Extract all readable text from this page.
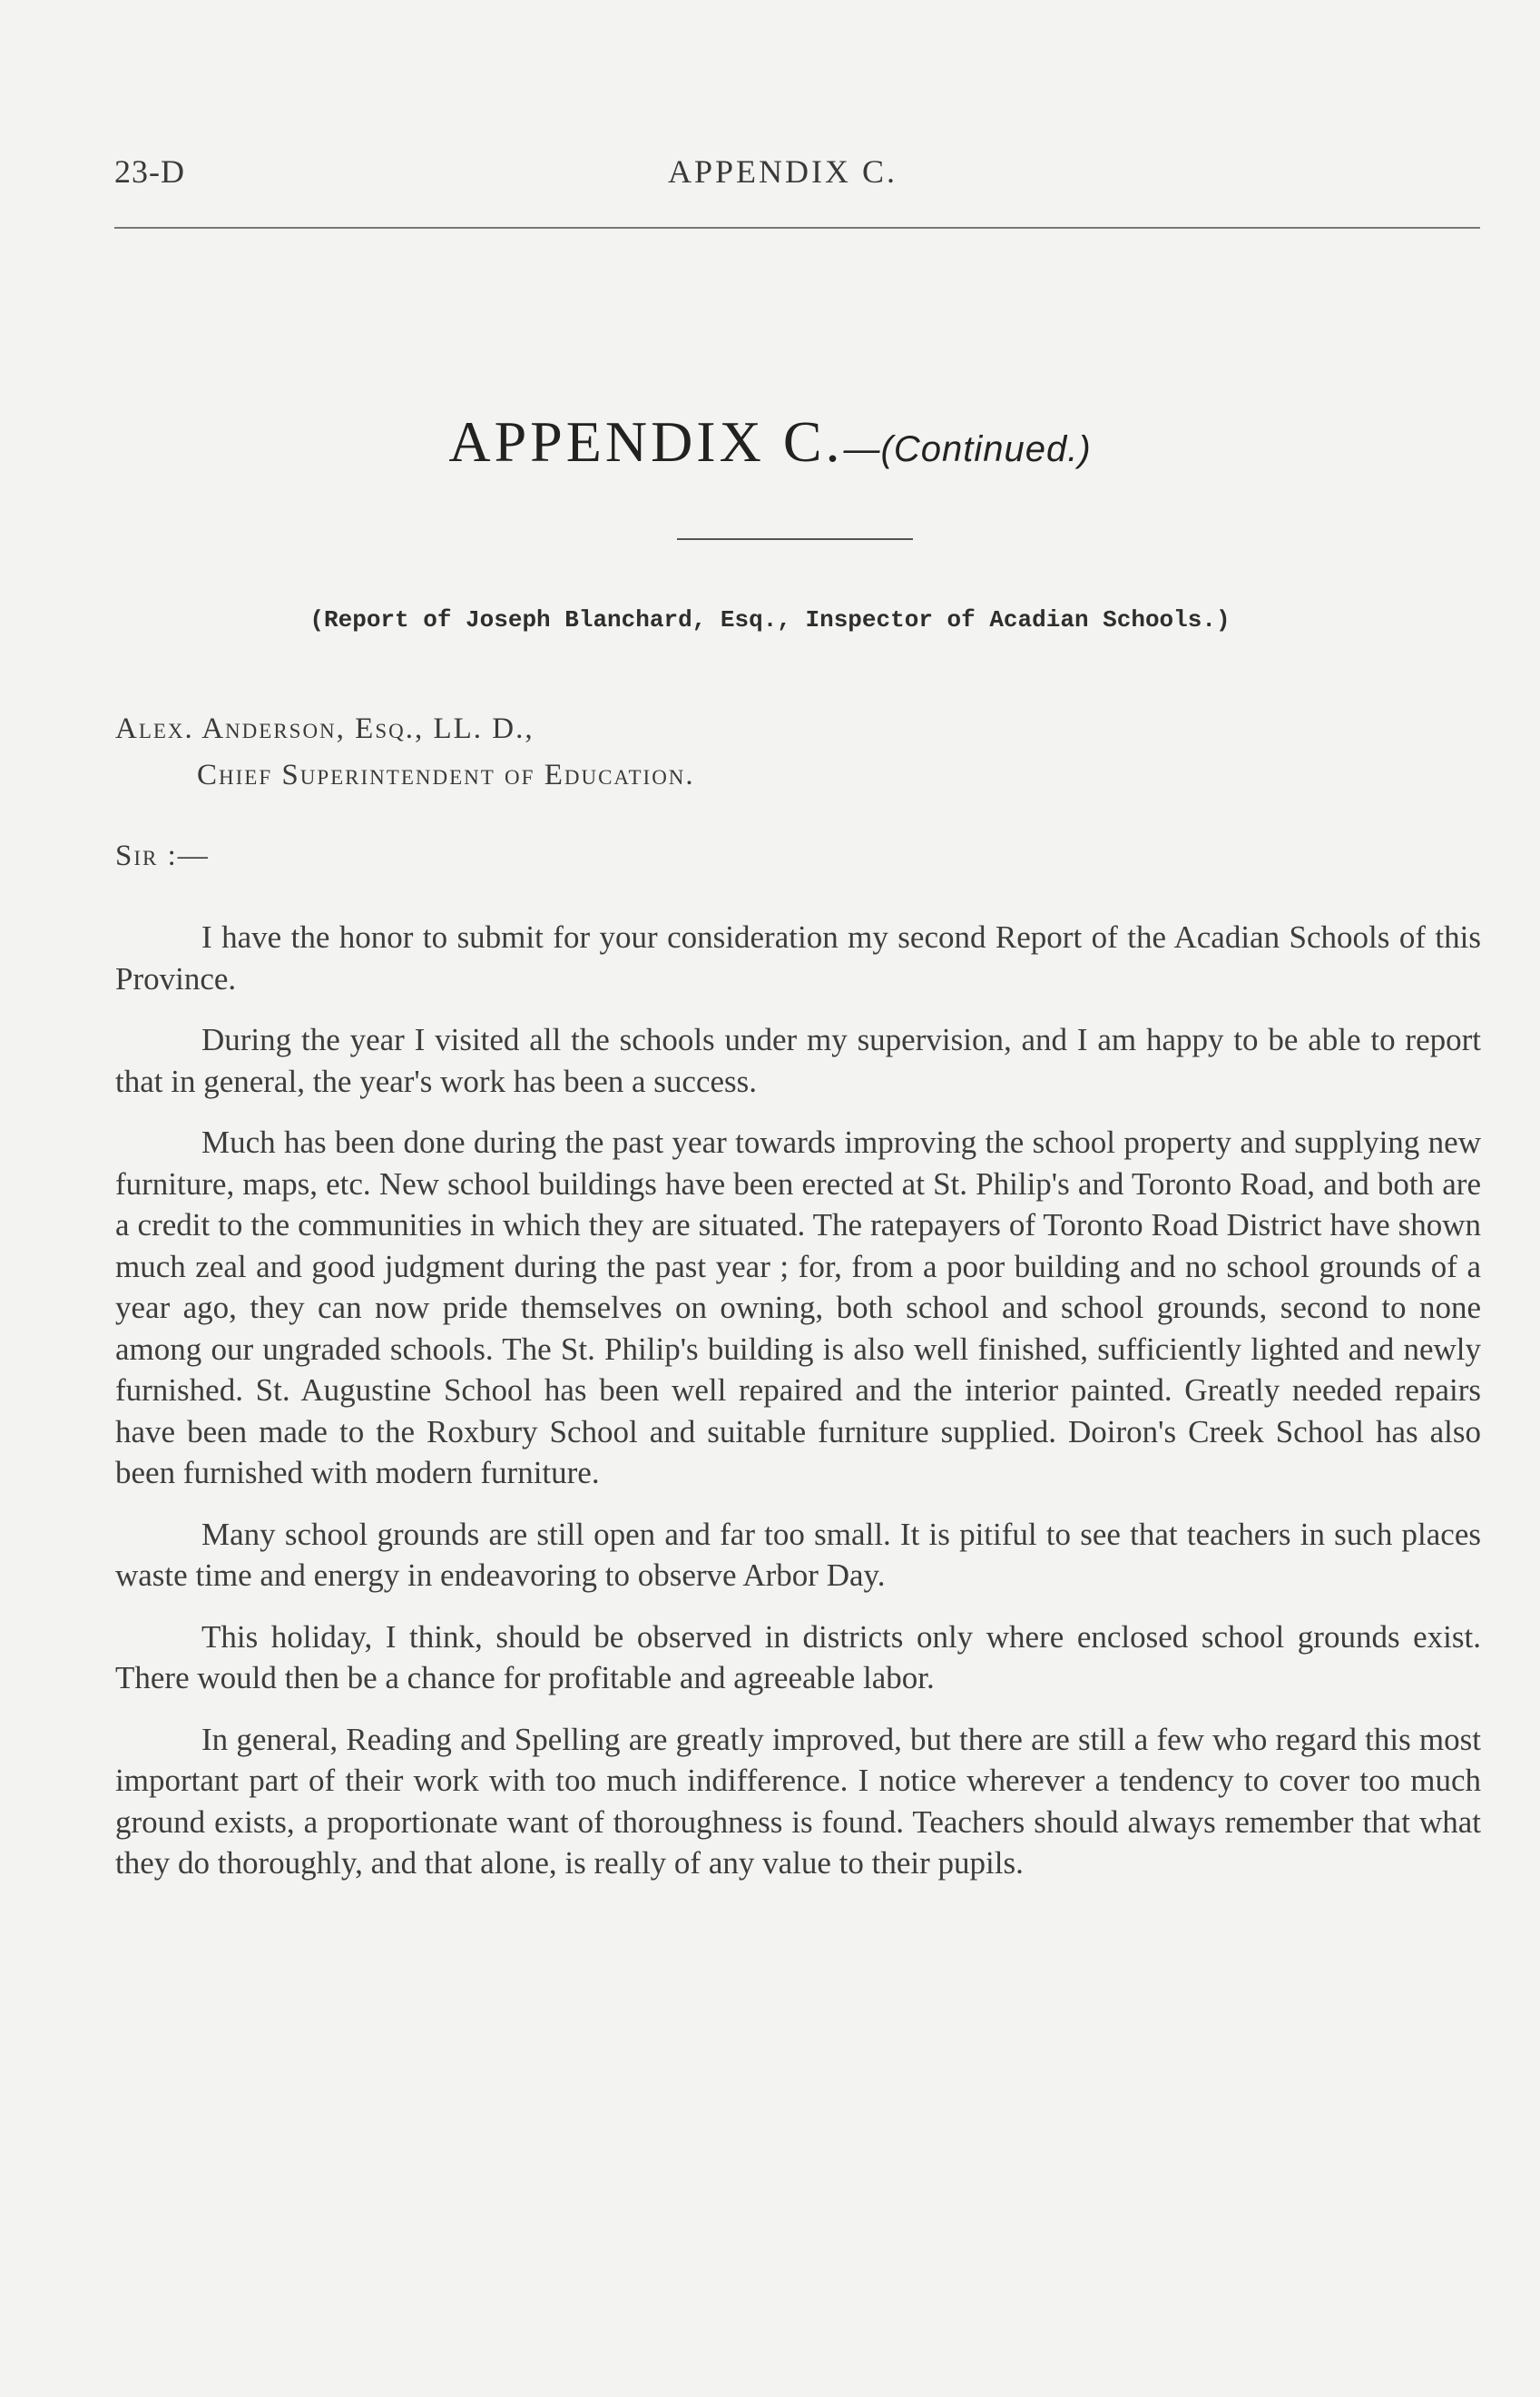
23-D	APPENDIX C.
APPENDIX C.—(Continued.)
(Report of Joseph Blanchard, Esq., Inspector of Acadian Schools.)
Alex. Anderson, Esq., LL. D.,
Chief Superintendent of Education.
Sir :—

I have the honor to submit for your consideration my second Report of the Acadian Schools of this Province.

During the year I visited all the schools under my supervision, and I am happy to be able to report that in general, the year's work has been a success.

Much has been done during the past year towards improving the school property and supplying new furniture, maps, etc. New school buildings have been erected at St. Philip's and Toronto Road, and both are a credit to the communities in which they are situated. The ratepayers of Toronto Road District have shown much zeal and good judgment during the past year ; for, from a poor building and no school grounds of a year ago, they can now pride themselves on owning, both school and school grounds, second to none among our ungraded schools. The St. Philip's building is also well finished, sufficiently lighted and newly furnished. St. Augustine School has been well repaired and the interior painted. Greatly needed repairs have been made to the Roxbury School and suitable furniture supplied. Doiron's Creek School has also been furnished with modern furniture.

Many school grounds are still open and far too small. It is pitiful to see that teachers in such places waste time and energy in endeavoring to observe Arbor Day.

This holiday, I think, should be observed in districts only where enclosed school grounds exist. There would then be a chance for profitable and agreeable labor.

In general, Reading and Spelling are greatly improved, but there are still a few who regard this most important part of their work with too much indifference. I notice wherever a tendency to cover too much ground exists, a proportionate want of thoroughness is found. Teachers should always remember that what they do thoroughly, and that alone, is really of any value to their pupils.
